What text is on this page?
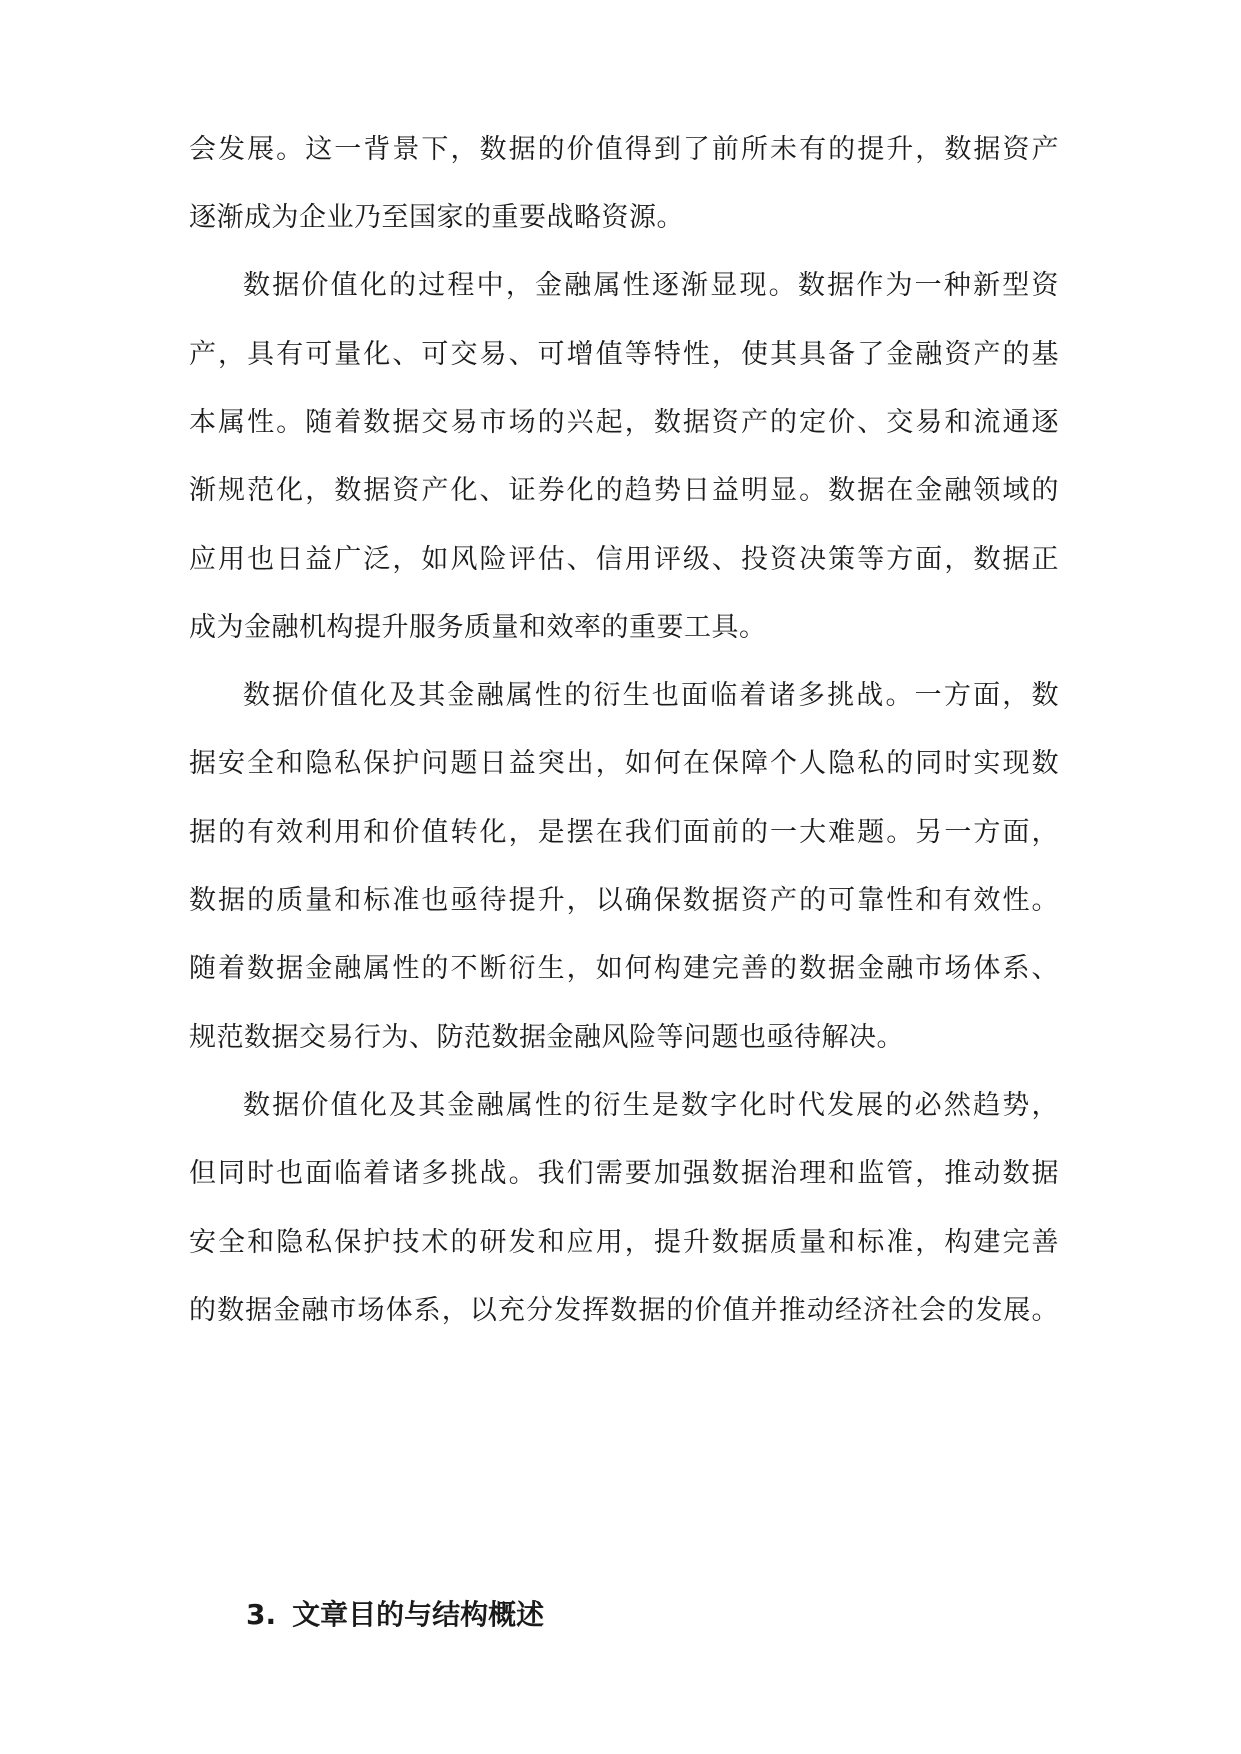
会发展。这一背景下，数据的价值得到了前所未有的提升，数据资产
逐渐成为企业乃至国家的重要战略资源。
数据价值化的过程中，金融属性逐渐显现。数据作为一种新型资
产，具有可量化、可交易、可增值等特性，使其具备了金融资产的基
本属性。随着数据交易市场的兴起，数据资产的定价、交易和流通逐
渐规范化，数据资产化、证券化的趋势日益明显。数据在金融领域的
应用也日益广泛，如风险评估、信用评级、投资决策等方面，数据正
成为金融机构提升服务质量和效率的重要工具。
数据价值化及其金融属性的衍生也面临着诸多挑战。一方面，数
据安全和隐私保护问题日益突出，如何在保障个人隐私的同时实现数
据的有效利用和价值转化，是摆在我们面前的一大难题。另一方面，
数据的质量和标准也亟待提升，以确保数据资产的可靠性和有效性。
随着数据金融属性的不断衍生，如何构建完善的数据金融市场体系、
规范数据交易行为、防范数据金融风险等问题也亟待解决。
数据价值化及其金融属性的衍生是数字化时代发展的必然趋势，
但同时也面临着诸多挑战。我们需要加强数据治理和监管，推动数据
安全和隐私保护技术的研发和应用，提升数据质量和标准，构建完善
的数据金融市场体系，以充分发挥数据的价值并推动经济社会的发展。
3. 文章目的与结构概述
